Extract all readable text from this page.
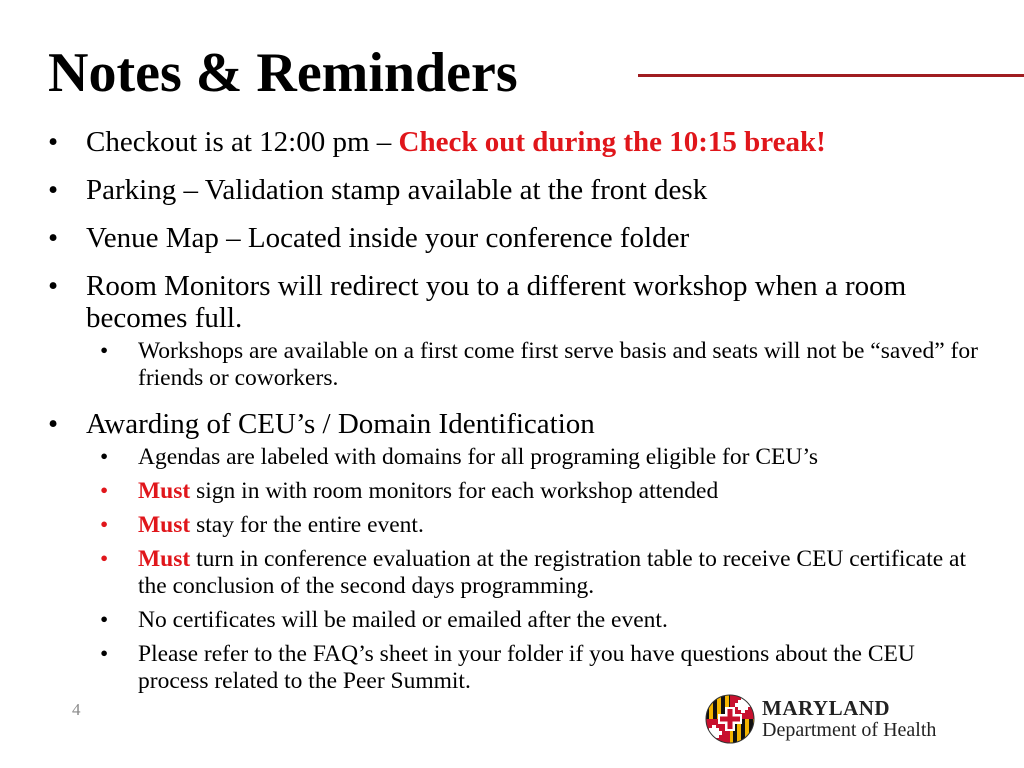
Notes & Reminders
• Checkout is at 12:00 pm – Check out during the 10:15 break!
• Parking – Validation stamp available at the front desk
• Venue Map – Located inside your conference folder
• Room Monitors will redirect you to a different workshop when a room becomes full.
• Workshops are available on a first come first serve basis and seats will not be “saved” for friends or coworkers.
• Awarding of CEU’s / Domain Identification
• Agendas are labeled with domains for all programing eligible for CEU’s
• Must sign in with room monitors for each workshop attended
• Must stay for the entire event.
• Must turn in conference evaluation at the registration table to receive CEU certificate at the conclusion of the second days programming.
• No certificates will be mailed or emailed after the event.
• Please refer to the FAQ’s sheet in your folder if you have questions about the CEU process related to the Peer Summit.
4	MARYLAND
Department of Health
